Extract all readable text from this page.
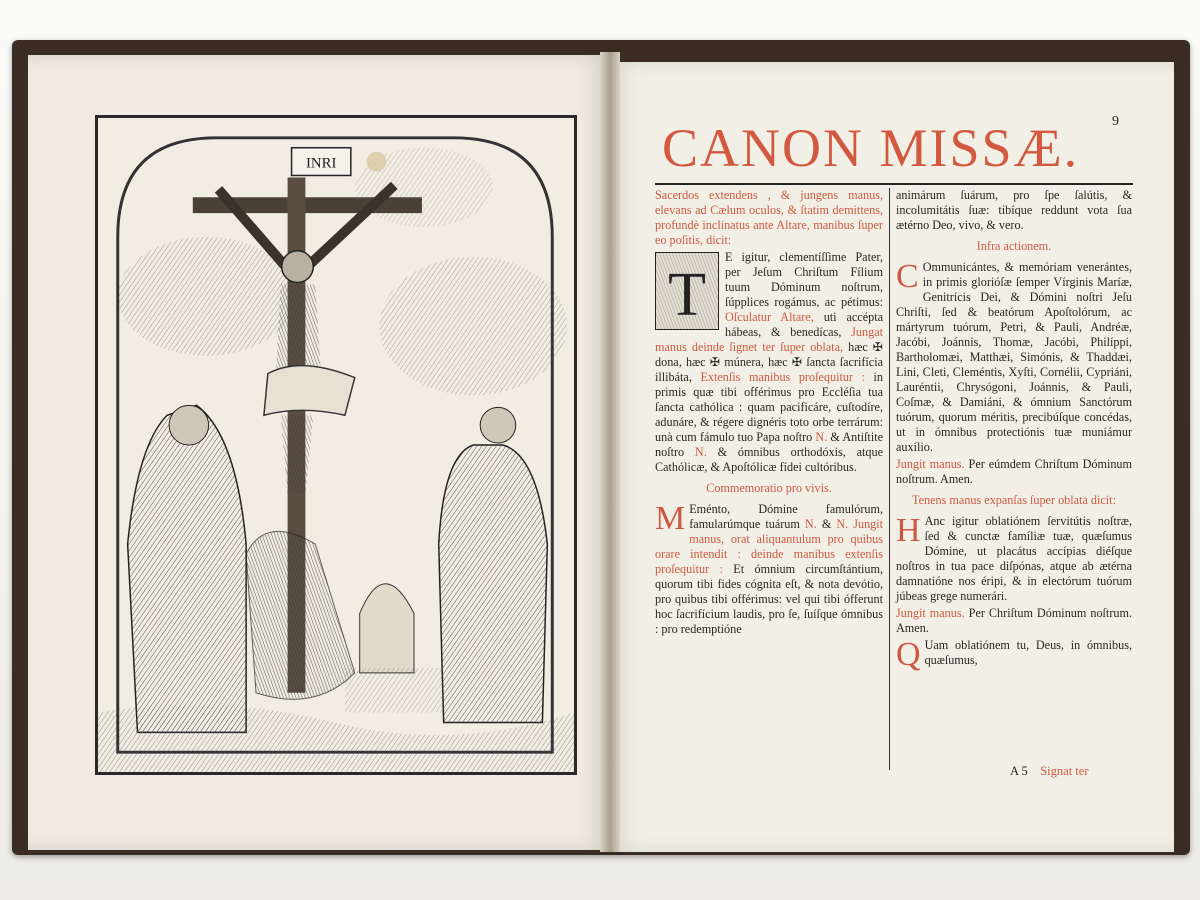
INRI
9
CANON MISSÆ.

Sacerdos extendens , & jungens manus, elevans ad Cælum oculos, & ſtatim demittens, profundè inclinatus ante Altare, manibus ſuper eo poſitis, dicit:

T

E igitur, clementíſſime Pater, per Jeſum Chriſtum Fílium tuum Dóminum noſtrum, ſúpplices rogámus, ac pétimus: Oſculatur Altare, uti accépta hábeas, & benedícas, Jungat manus deinde ſignet ter ſuper oblata, hæc ✠ dona, hæc ✠ múnera, hæc ✠ ſancta ſacrifícia illibáta, Extenſis manibus proſequitur : in primis quæ tibi offérimus pro Eccléſia tua ſancta cathólica : quam pacificáre, cuſtodíre, adunáre, & régere dignéris toto orbe terrárum: unà cum fámulo tuo Papa noſtro N. & Antiſtite noſtro N. & ómnibus orthodóxis, atque Cathólicæ, & Apoſtólicæ fídei cultóribus.

Commemoratio pro vivis.

M Eménto, Dómine famulórum, famularúmque tuárum N. & N. Jungit manus, orat aliquantulum pro quibus orare intendit : deinde manibus extenſis proſequitur : Et ómnium circumſtántium, quorum tibi fides cógnita eſt, & nota devótio, pro quibus tibi offérimus: vel qui tibi ófferunt hoc ſacrifícium laudis, pro ſe, ſuíſque ómnibus : pro redemptióne

animárum ſuárum, pro ſpe ſalútis, & incolumitátis ſuæ: tibíque reddunt vota ſua ætérno Deo, vivo, & vero.

Infra actionem.

C Ommunicántes, & memóriam venerántes, in primis glorióſæ ſemper Vírginis Maríæ, Genitrícis Dei, & Dómini noſtri Jeſu Chriſti, ſed & beatórum Apoſtolórum, ac mártyrum tuórum, Petri, & Pauli, Andréæ, Jacóbi, Joánnis, Thomæ, Jacóbi, Philíppi, Bartholomæi, Matthæi, Simónis, & Thaddæi, Lini, Cleti, Cleméntis, Xyſti, Cornélii, Cypriáni, Lauréntii, Chrysógoni, Joánnis, & Pauli, Coſmæ, & Damiáni, & ómnium Sanctórum tuórum, quorum méritis, precibúſque concédas, ut in ómnibus protectiónis tuæ muniámur auxílio.

Jungit manus. Per eúmdem Chriſtum Dóminum noſtrum. Amen.

Tenens manus expanſas ſuper oblata dicit:

H Anc igitur oblatiónem ſervitútis noſtræ, ſed & cunctæ famíliæ tuæ, quæſumus Dómine, ut placátus accípias diéſque noſtros in tua pace diſpónas, atque ab ætérna damnatióne nos éripi, & in electórum tuórum júbeas grege numerári.

Jungit manus. Per Chriſtum Dóminum noſtrum. Amen.

Q Uam oblatiónem tu, Deus, in ómnibus, quæſumus,

A 5 Signat ter
